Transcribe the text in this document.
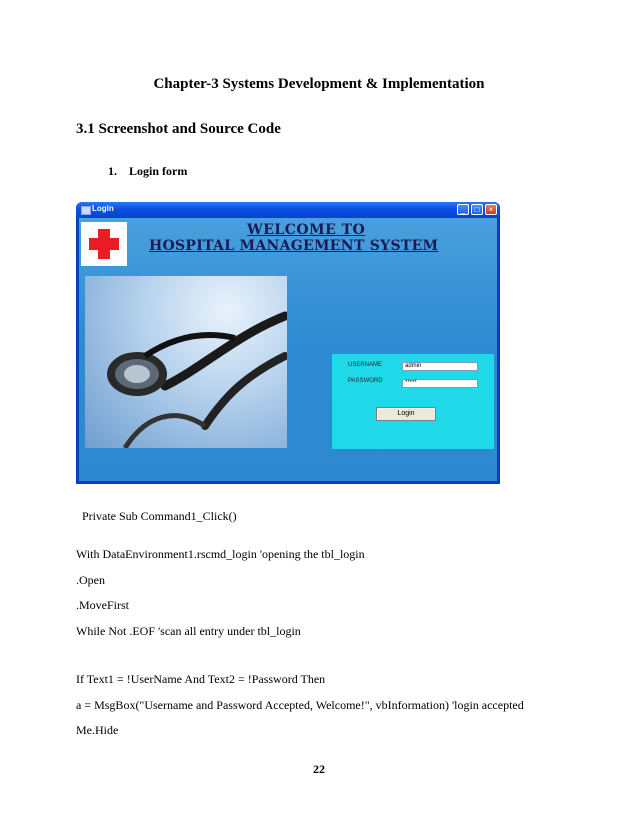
Chapter-3 Systems Development & Implementation
3.1 Screenshot and Source Code
1. Login form
Login	_	□	×
WELCOME TO
HOSPITAL MANAGEMENT SYSTEM
USERNAME	admin
PASSWORD	*****
Login
Private Sub Command1_Click()
With DataEnvironment1.rscmd_login 'opening the tbl_login
.Open
.MoveFirst
While Not .EOF 'scan all entry under tbl_login
If Text1 = !UserName And Text2 = !Password Then
a = MsgBox("Username and Password Accepted, Welcome!", vbInformation) 'login accepted
Me.Hide
22
